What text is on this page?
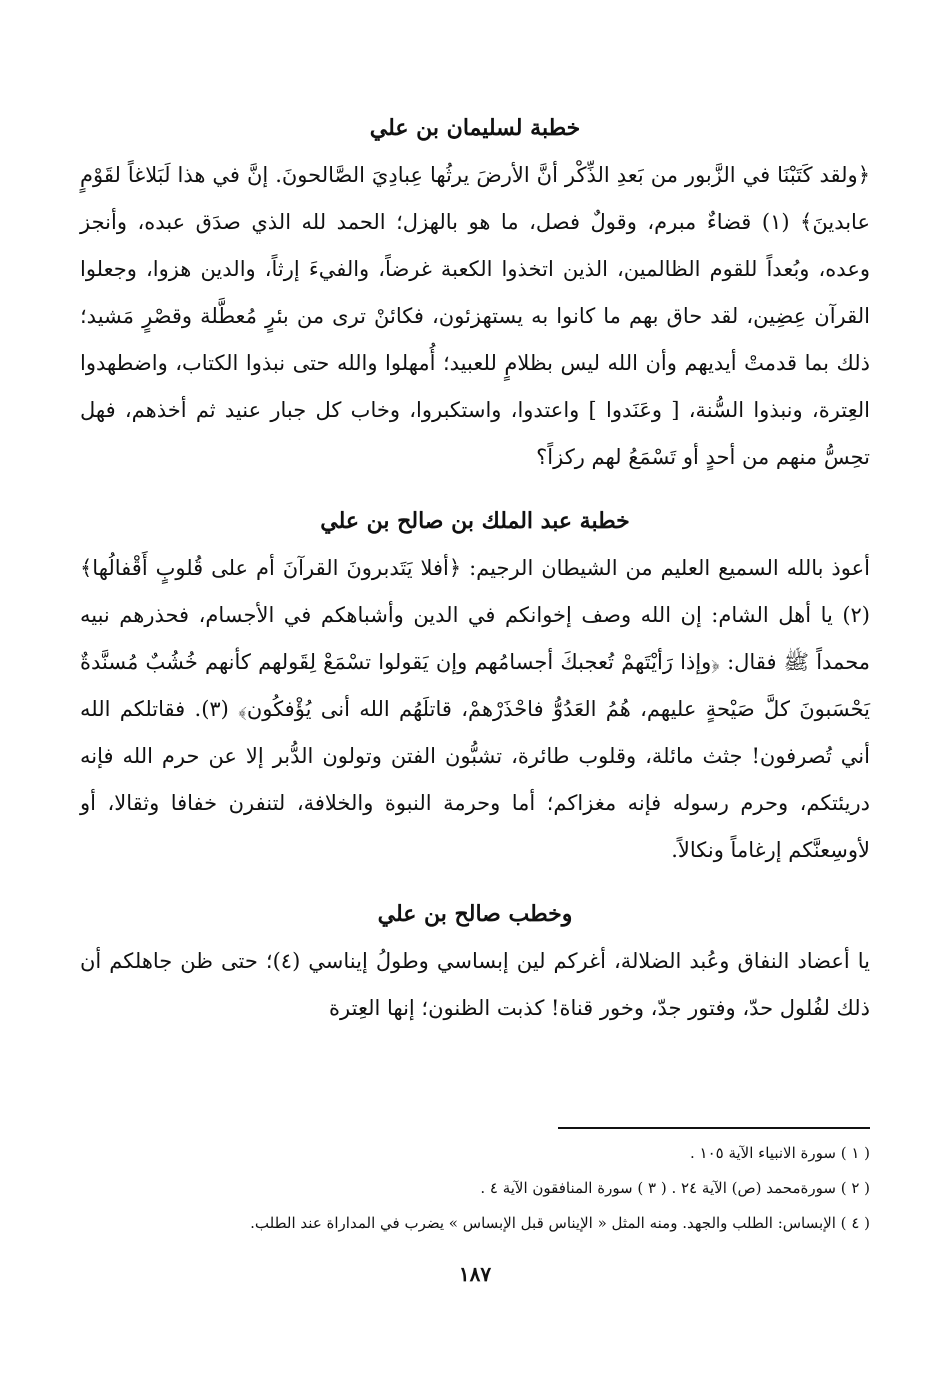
خطبة لسليمان بن علي

﴿ولقد كَتَبْنَا في الزَّبور من بَعدِ الذِّكْر أنَّ الأرضَ يرثُها عِبادِيَ الصَّالحونَ. إنَّ في هذا لَبَلاغاً لقَوْمٍ عابدينَ﴾ (١) قضاءٌ مبرم، وقولٌ فصل، ما هو بالهزل؛ الحمد لله الذي صدَق عبده، وأنجز وعده، وبُعداً للقوم الظالمين، الذين اتخذوا الكعبة غرضاً، والفيءَ إرثاً، والدين هزوا، وجعلوا القرآن عِضِين، لقد حاق بهم ما كانوا به يستهزئون، فكائنْ ترى من بئرٍ مُعطَّلة وقصْرٍ مَشيد؛ ذلك بما قدمتْ أيديهم وأن الله ليس بظلامٍ للعبيد؛ أُمهلوا والله حتى نبذوا الكتاب، واضطهدوا العِترة، ونبذوا السُّنة، [ وعَنَدوا ] واعتدوا، واستكبروا، وخاب كل جبار عنيد ثم أخذهم، فهل تحِسُّ منهم من أحدٍ أو تَسْمَعُ لهم ركزاً؟

خطبة عبد الملك بن صالح بن علي

أعوذ بالله السميع العليم من الشيطان الرجيم: ﴿أفلا يَتَدبرونَ القرآنَ أم على قُلوبٍ أَقْفالُها﴾ (٢) يا أهل الشام: إن الله وصف إخوانكم في الدين وأشباهكم في الأجسام، فحذرهم نبيه محمداً ﷺ فقال: ﴿وإذا رَأيْتَهمْ تُعجبكَ أجسامُهم وإن يَقولوا تسْمَعْ لِقَولهم كأنهم خُشُبٌ مُسنَّدةٌ يَحْسَبونَ كلَّ صَيْحةٍ عليهم، هُمُ العَدُوُّ فاحْذَرْهمْ، قاتلَهُم الله أنى يُؤْفكُون﴾ (٣). فقاتلكم الله أني تُصرفون! جثث مائلة، وقلوب طائرة، تشبُّون الفتن وتولون الدُّبر إلا عن حرم الله فإنه دريئتكم، وحرم رسوله فإنه مغزاكم؛ أما وحرمة النبوة والخلافة، لتنفرن خفافا وثقالا، أو لأوسِعنَّكم إرغاماً ونكالاً.

وخطب صالح بن علي

يا أعضاد النفاق وعُبد الضلالة، أغركم لين إبساسي وطولُ إيناسي (٤)؛ حتى ظن جاهلكم أن ذلك لفُلول حدّ، وفتور جدّ، وخور قناة! كذبت الظنون؛ إنها العِترة

( ١ ) سورة الانبياء الآية ١٠٥ .

( ٢ ) سورةمحمد (ص) الآية ٢٤ . ( ٣ ) سورة المنافقون الآية ٤ .

( ٤ ) الإبساس: الطلب والجهد. ومنه المثل « الإيناس قبل الإبساس » يضرب في المداراة عند الطلب.

١٨٧
